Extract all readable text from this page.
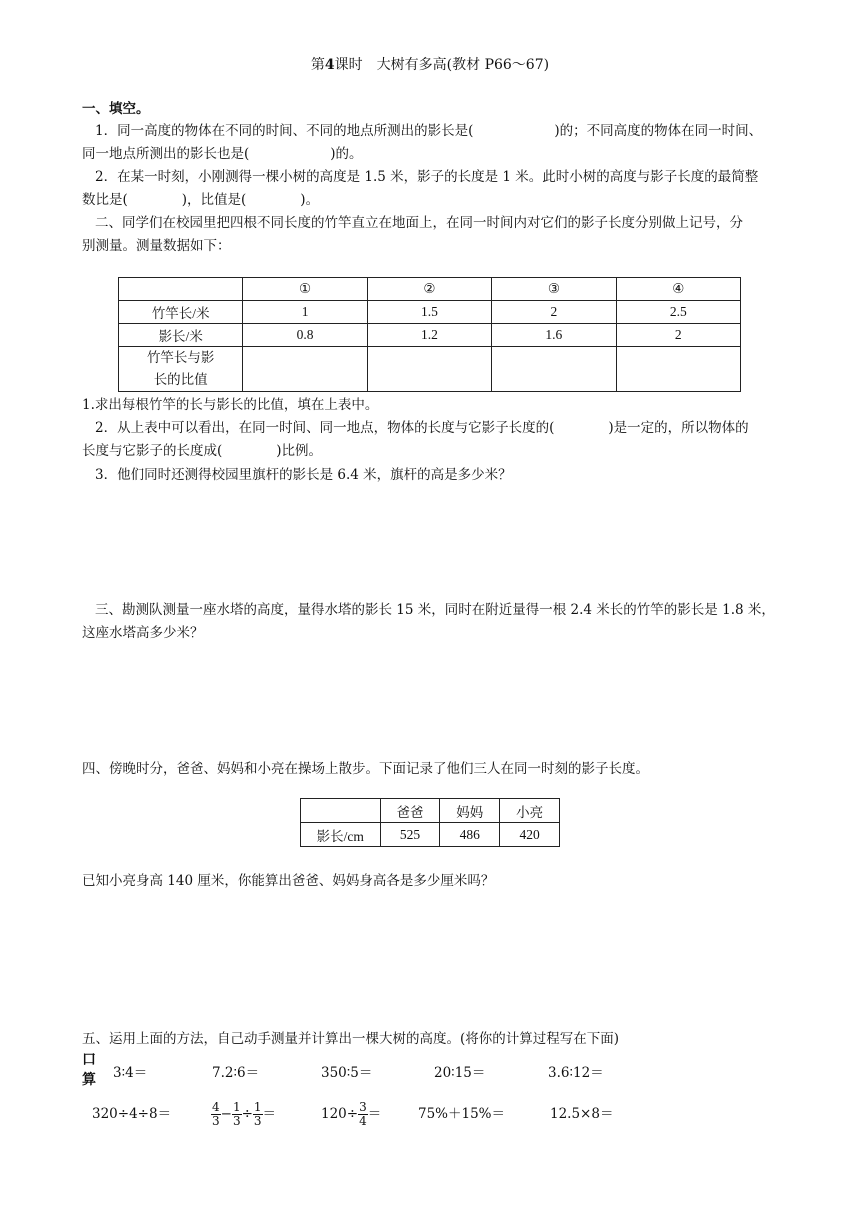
第4课时　大树有多高(教材 P66～67)
一、填空。
1．同一高度的物体在不同的时间、不同的地点所测出的影长是(　　　　　　)的；不同高度的物体在同一时间、
同一地点所测出的影长也是(　　　　　　)的。
2．在某一时刻，小刚测得一棵小树的高度是 1.5 米，影子的长度是 1 米。此时小树的高度与影子长度的最简整
数比是(　　　　)，比值是(　　　　)。
二、同学们在校园里把四根不同长度的竹竿直立在地面上，在同一时间内对它们的影子长度分别做上记号，分
别测量。测量数据如下：
	①	②	③	④
竹竿长/米	1	1.5	2	2.5
影长/米	0.8	1.2	1.6	2
竹竿长与影
长的比值				
1.求出每根竹竿的长与影长的比值，填在上表中。
2．从上表中可以看出，在同一时间、同一地点，物体的长度与它影子长度的(　　　　)是一定的，所以物体的
长度与它影子的长度成(　　　　)比例。
3．他们同时还测得校园里旗杆的影长是 6.4 米，旗杆的高是多少米？
三、勘测队测量一座水塔的高度，量得水塔的影长 15 米，同时在附近量得一根 2.4 米长的竹竿的影长是 1.8 米，
这座水塔高多少米？
四、傍晚时分，爸爸、妈妈和小亮在操场上散步。下面记录了他们三人在同一时刻的影子长度。
	爸爸	妈妈	小亮
影长/cm	525	486	420
已知小亮身高 140 厘米，你能算出爸爸、妈妈身高各是多少厘米吗？
五、运用上面的方法，自己动手测量并计算出一棵大树的高度。(将你的计算过程写在下面)
口
算 3∶4＝	7.2∶6＝	350∶5＝	20∶15＝	3.6∶12＝
320÷4÷8＝	$\frac{4}{3} - \frac{1}{3} \div \frac{1}{3}$ ＝	$120\div \frac{3}{4}$ ＝	75%＋15%＝	12.5×8＝
